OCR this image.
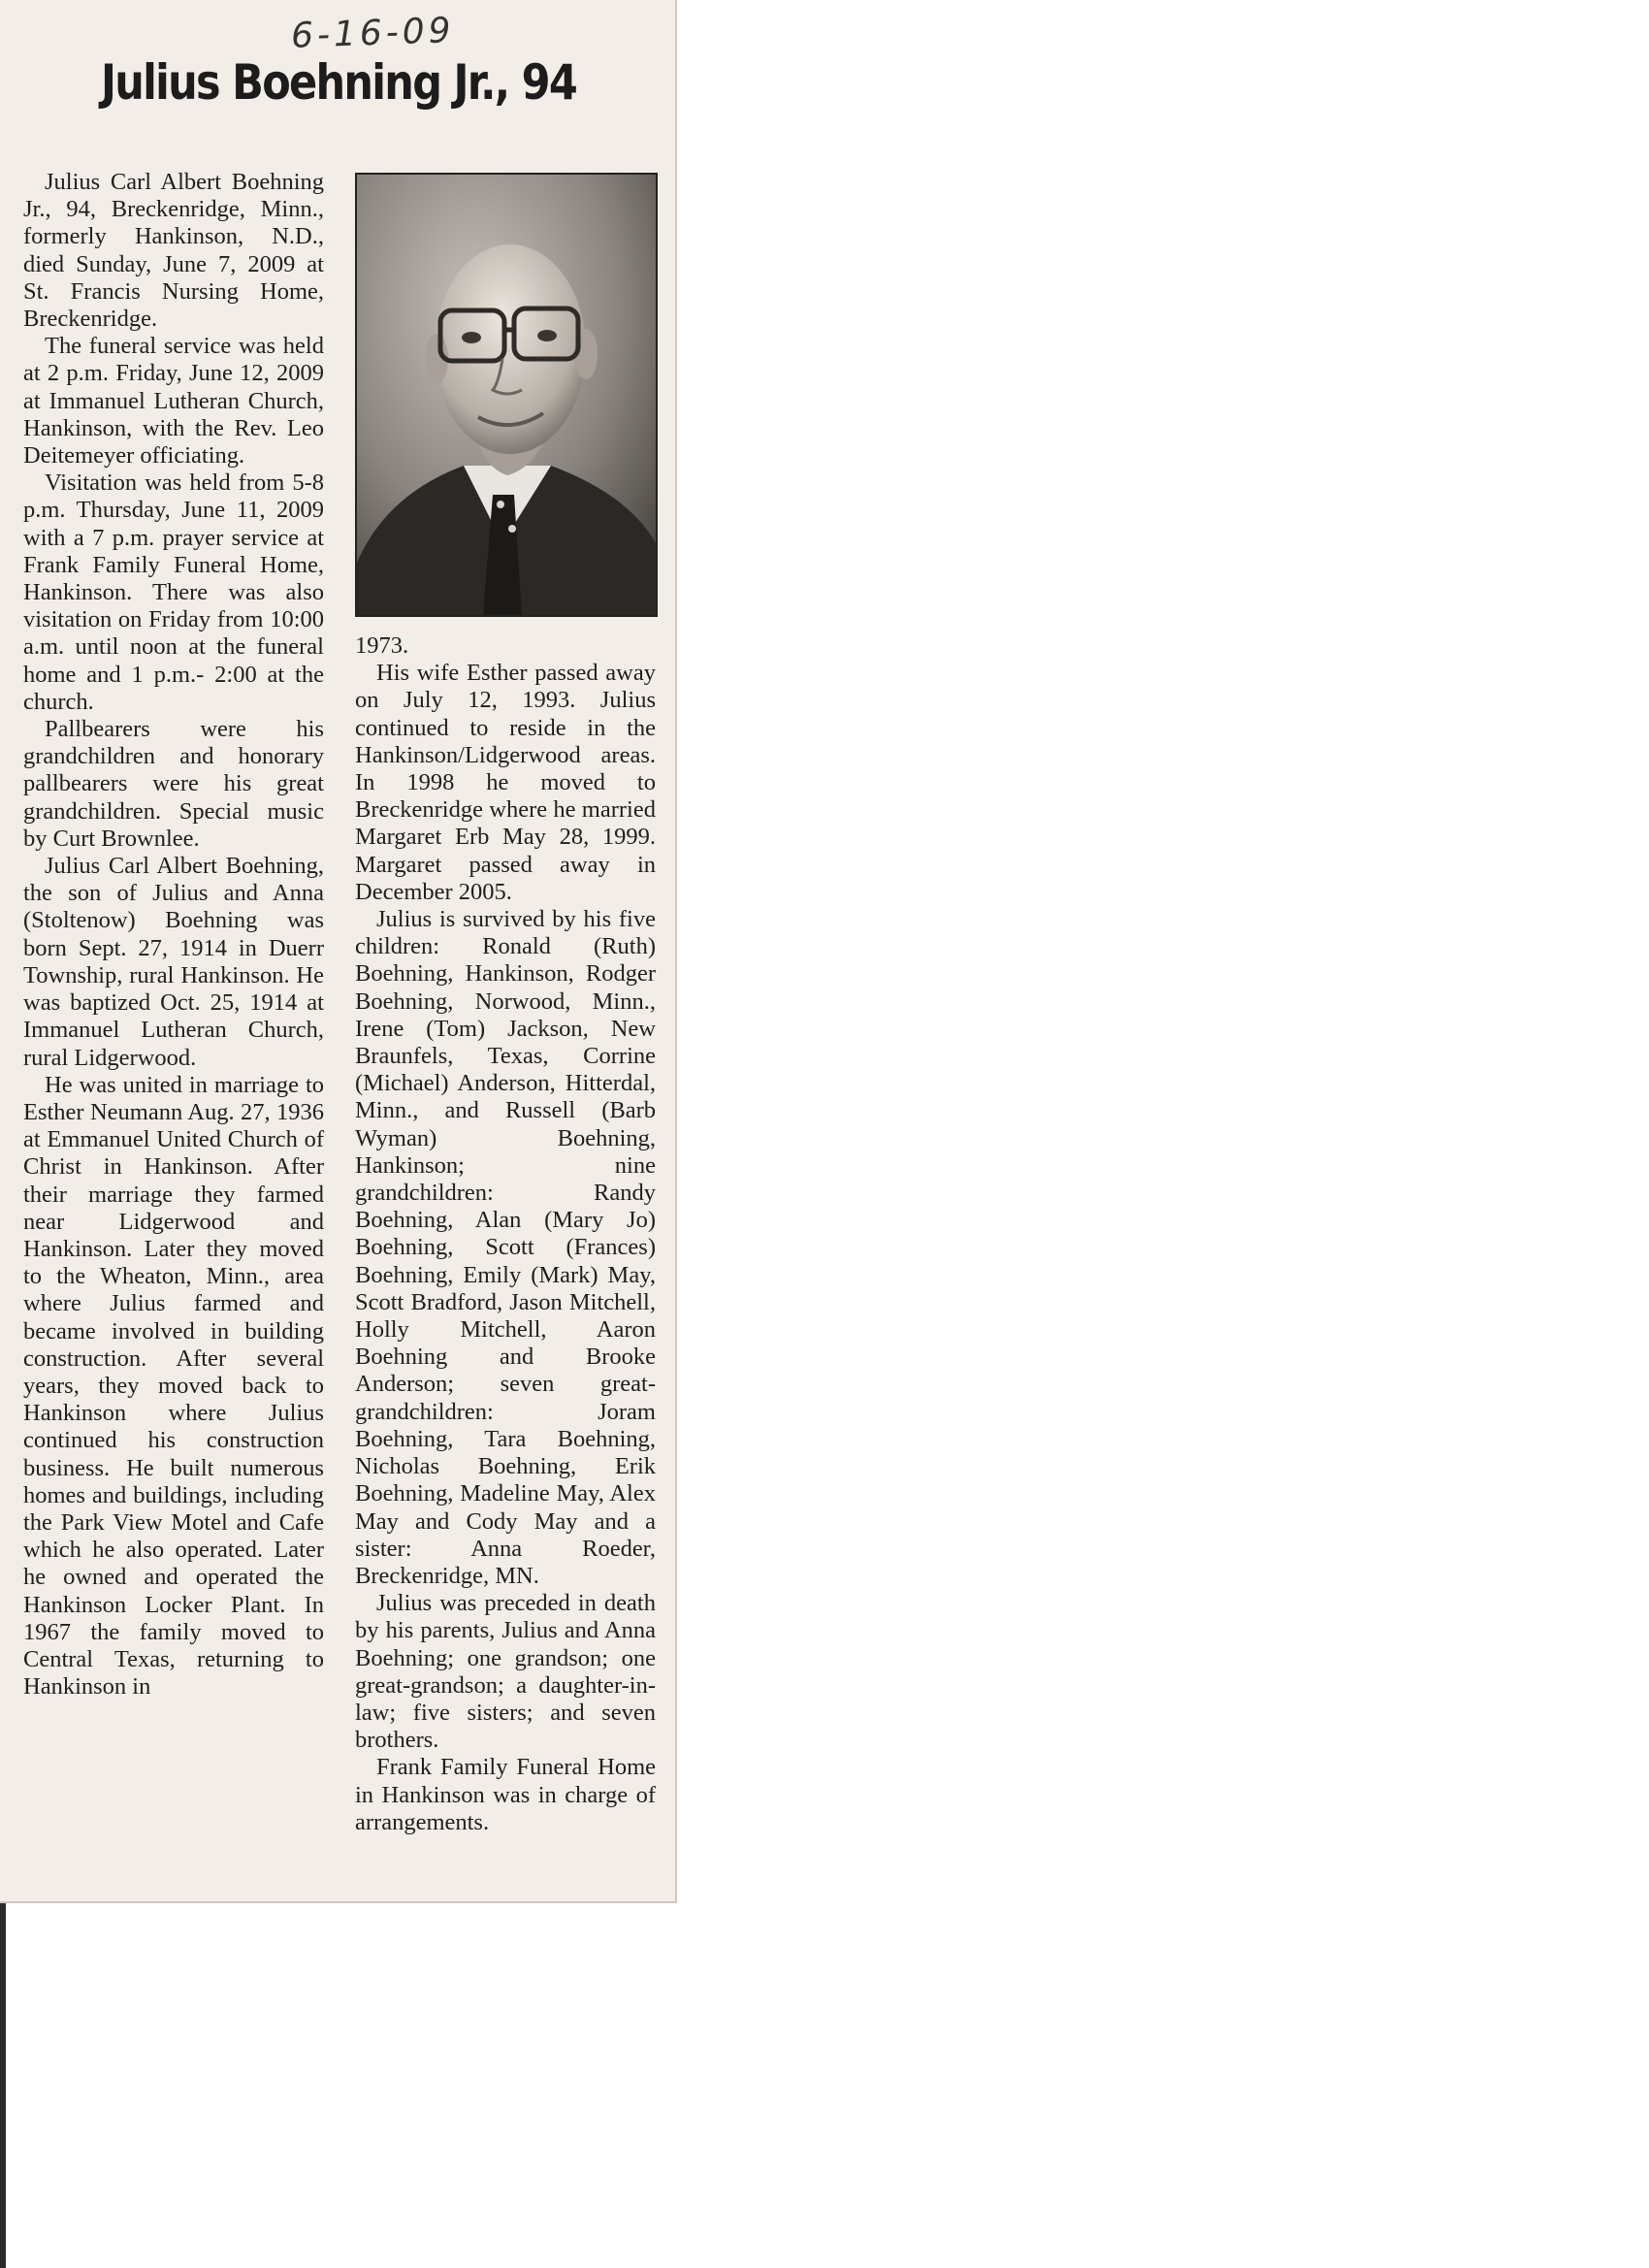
6-16-09
Julius Boehning Jr., 94

Julius Carl Albert Boehning Jr., 94, Breckenridge, Minn., formerly Hankinson, N.D., died Sunday, June 7, 2009 at St. Francis Nursing Home, Breckenridge.

The funeral service was held at 2 p.m. Friday, June 12, 2009 at Immanuel Lutheran Church, Hankinson, with the Rev. Leo Deitemeyer officiating.

Visitation was held from 5-8 p.m. Thursday, June 11, 2009 with a 7 p.m. prayer service at Frank Family Funeral Home, Hankinson. There was also visitation on Friday from 10:00 a.m. until noon at the funeral home and 1 p.m.- 2:00 at the church.

Pallbearers were his grandchildren and honorary pallbearers were his great grandchildren. Special music by Curt Brownlee.

Julius Carl Albert Boehning, the son of Julius and Anna (Stoltenow) Boehning was born Sept. 27, 1914 in Duerr Township, rural Hankinson. He was baptized Oct. 25, 1914 at Immanuel Lutheran Church, rural Lidgerwood.

He was united in marriage to Esther Neumann Aug. 27, 1936 at Emmanuel United Church of Christ in Hankinson. After their marriage they farmed near Lidgerwood and Hankinson. Later they moved to the Wheaton, Minn., area where Julius farmed and became involved in building construction. After several years, they moved back to Hankinson where Julius continued his construction business. He built numerous homes and buildings, including the Park View Motel and Cafe which he also operated. Later he owned and operated the Hankinson Locker Plant. In 1967 the family moved to Central Texas, returning to Hankinson in

1973.

His wife Esther passed away on July 12, 1993. Julius continued to reside in the Hankinson/Lidgerwood areas. In 1998 he moved to Breckenridge where he married Margaret Erb May 28, 1999. Margaret passed away in December 2005.

Julius is survived by his five children: Ronald (Ruth) Boehning, Hankinson, Rodger Boehning, Norwood, Minn., Irene (Tom) Jackson, New Braunfels, Texas, Corrine (Michael) Anderson, Hitterdal, Minn., and Russell (Barb Wyman) Boehning, Hankinson; nine grandchildren: Randy Boehning, Alan (Mary Jo) Boehning, Scott (Frances) Boehning, Emily (Mark) May, Scott Bradford, Jason Mitchell, Holly Mitchell, Aaron Boehning and Brooke Anderson; seven great-grandchildren: Joram Boehning, Tara Boehning, Nicholas Boehning, Erik Boehning, Madeline May, Alex May and Cody May and a sister: Anna Roeder, Breckenridge, MN.

Julius was preceded in death by his parents, Julius and Anna Boehning; one grandson; one great-grandson; a daughter-in-law; five sisters; and seven brothers.

Frank Family Funeral Home in Hankinson was in charge of arrangements.
